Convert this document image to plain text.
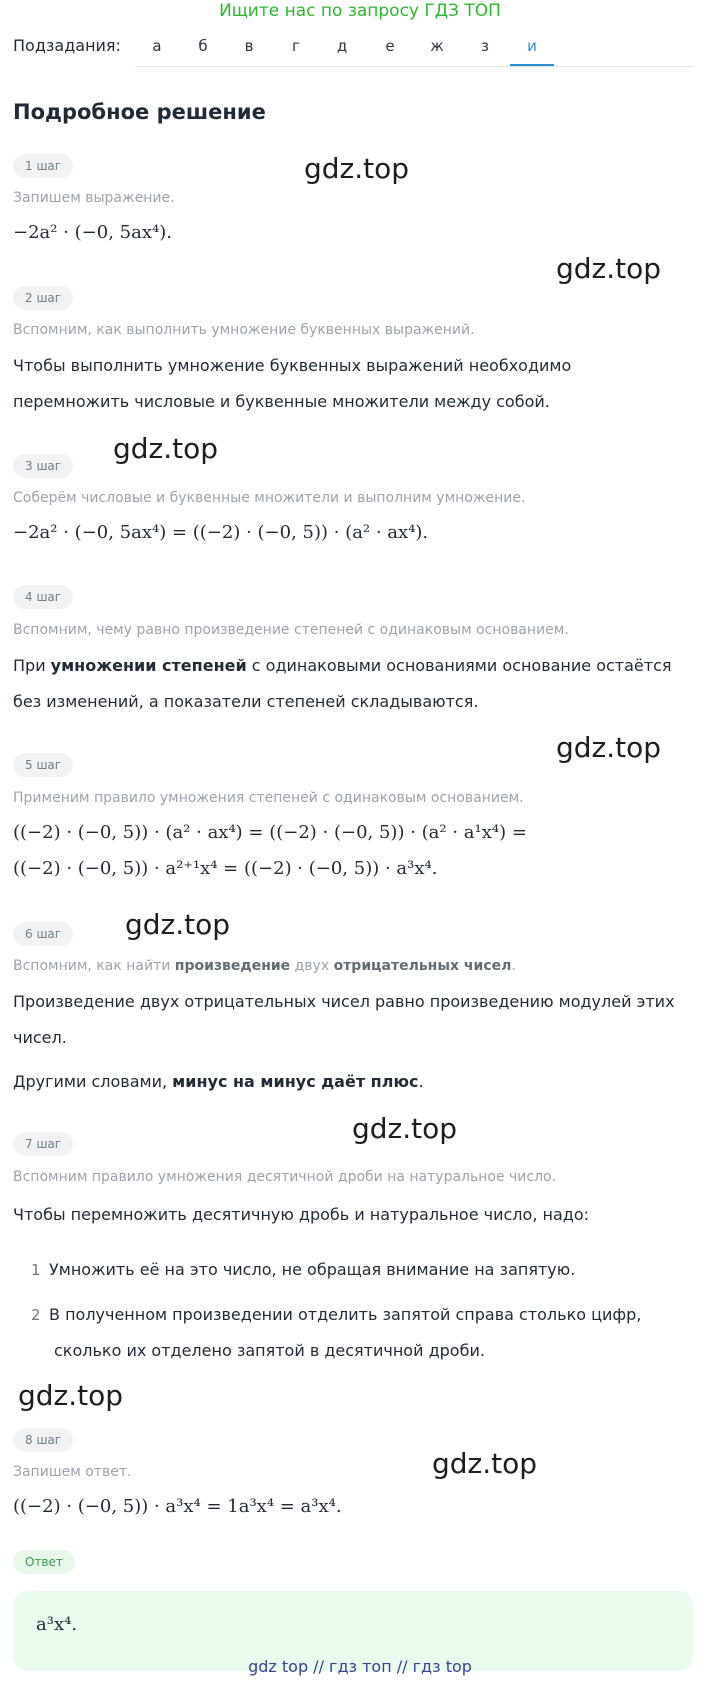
Ищите нас по запросу ГДЗ ТОП
Подзадания:	а	б	в	г	д	е	ж	з	и
Подробное решение
1 шаг	gdz.top
Запишем выражение.
−2a² · (−0, 5ax⁴).
gdz.top
2 шаг
Вспомним, как выполнить умножение буквенных выражений.
Чтобы выполнить умножение буквенных выражений необходимо
перемножить числовые и буквенные множители между собой.
gdz.top
3 шаг
Соберём числовые и буквенные множители и выполним умножение.
−2a² · (−0, 5ax⁴) = ((−2) · (−0, 5)) · (a² · ax⁴).
4 шаг
Вспомним, чему равно произведение степеней с одинаковым основанием.
При умножении степеней с одинаковыми основаниями основание остаётся
без изменений, а показатели степеней складываются.
gdz.top
5 шаг
Применим правило умножения степеней с одинаковым основанием.
((−2) · (−0, 5)) · (a² · ax⁴) = ((−2) · (−0, 5)) · (a² · a¹x⁴) =
((−2) · (−0, 5)) · a²⁺¹x⁴ = ((−2) · (−0, 5)) · a³x⁴.
6 шаг	gdz.top
Вспомним, как найти произведение двух отрицательных чисел.
Произведение двух отрицательных чисел равно произведению модулей этих
чисел.
Другими словами, минус на минус даёт плюс.
gdz.top
7 шаг
Вспомним правило умножения десятичной дроби на натуральное число.
Чтобы перемножить десятичную дробь и натуральное число, надо:
1 Умножить её на это число, не обращая внимание на запятую.
2 В полученном произведении отделить запятой справа столько цифр,
сколько их отделено запятой в десятичной дроби.
gdz.top
8 шаг
gdz.top
Запишем ответ.
((−2) · (−0, 5)) · a³x⁴ = 1a³x⁴ = a³x⁴.
Ответ
a³x⁴.
gdz top // гдз топ // гдз top
